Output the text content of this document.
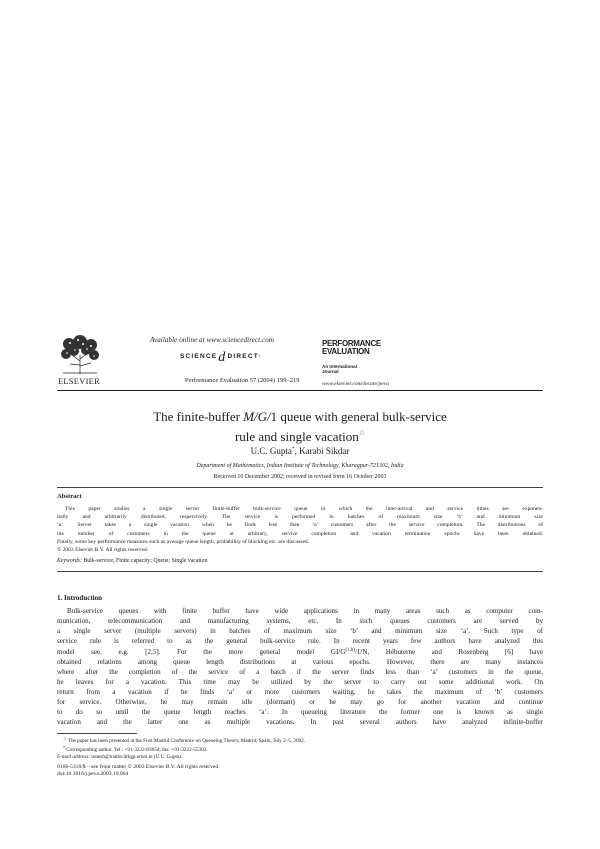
ELSEVIER
Available online at www.sciencedirect.com
SCIENCEdDIRECT·
Performance Evaluation 57 (2004) 199–219
PERFORMANCE
EVALUATION
An International
Journal
www.elsevier.com/locate/peva
The finite-buffer M/G/1 queue with general bulk-service
rule and single vacation☆
U.C. Gupta*, Karabi Sikdar
Department of Mathematics, Indian Institute of Technology, Kharagpur-721302, India
Received 10 December 2002; received in revised form 16 October 2003
Abstract
This paper studies a single server finite-buffer bulk-service queue in which the inter-arrival and service times are exponen-
tially and arbitrarily distributed, respectively. The service is performed in batches of maximum size ‘b’ and minimum size
‘a’. Server takes a single vacation when he finds less than ‘a’ customers after the service completion. The distributions of
the number of customers in the queue at arbitrary, service completion and vacation termination epochs have been obtained.
Finally, some key performance measures such as average queue length, probability of blocking etc. are discussed.
© 2003 Elsevier B.V. All rights reserved.
Keywords: Bulk-service; Finite capacity; Queue; Single vacation
1. Introduction
Bulk-service queues with finite buffer have wide applications in many areas such as computer com-
munication, telecommunication and manufacturing systems, etc. In such queues customers are served by
a single server (multiple servers) in batches of maximum size ‘b’ and minimum size ‘a’. Such type of
service rule is referred to as the general bulk-service rule. In recent years few authors have analyzed this
model see, e.g. [2,5]. For the more general model GI/G$^{(1,b)}$/1/N, Hébuterne and Rosenberg [6] have
obtained relations among queue length distributions at various epochs. However, there are many instances
where after the completion of the service of a batch if the server finds less than ‘a’ customers in the queue,
he leaves for a vacation. This time may be utilized by the server to carry out some additional work. On
return from a vacation if he finds ‘a’ or more customers waiting, he takes the maximum of ‘b’ customers
for service. Otherwise, he may remain idle (dormant) or he may go for another vacation and continue
to do so until the queue length reaches ‘a’. In queueing literature the former one is known as single
vacation and the latter one as multiple vacations. In past several authors have analyzed infinite-buffer
☆ The paper has been presented at the First Madrid Conference on Queueing Theory, Madrid, Spain, July 2–5, 2002.
* Corresponding author. Tel.: +91-3222-83654; fax: +91-3222-55303.
E-mail address: umesh@maths.iitkgp.ernet.in (U.C. Gupta).
0166-5316/$ – see front matter © 2003 Elsevier B.V. All rights reserved.
doi:10.1016/j.peva.2003.10.004
